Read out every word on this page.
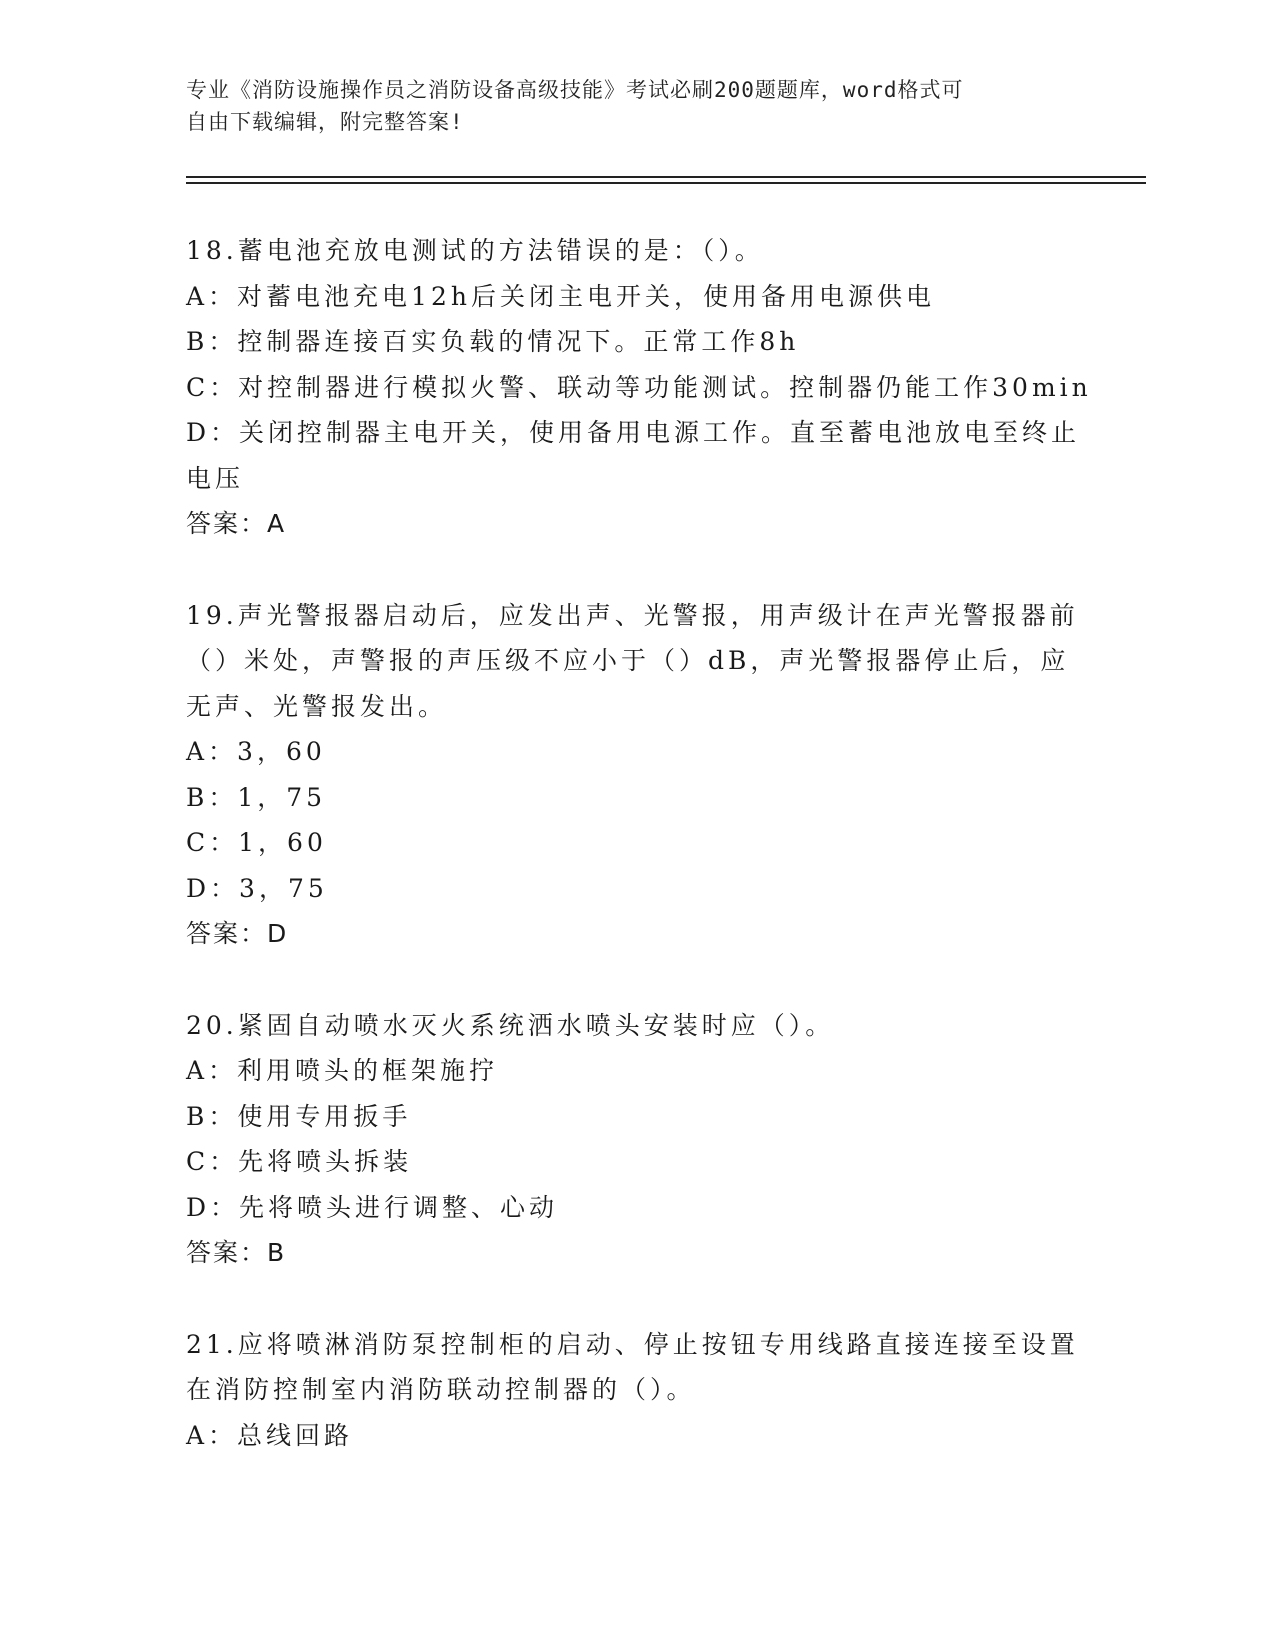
专业《消防设施操作员之消防设备高级技能》考试必刷200题题库，word格式可
自由下载编辑，附完整答案!
18.蓄电池充放电测试的方法错误的是：（）。
A：对蓄电池充电12h后关闭主电开关，使用备用电源供电
B：控制器连接百实负载的情况下。正常工作8h
C：对控制器进行模拟火警、联动等功能测试。控制器仍能工作30min
D：关闭控制器主电开关，使用备用电源工作。直至蓄电池放电至终止
电压
答案：A
19.声光警报器启动后，应发出声、光警报，用声级计在声光警报器前
（）米处，声警报的声压级不应小于（）dB，声光警报器停止后，应
无声、光警报发出。
A：3，60
B：1，75
C：1，60
D：3，75
答案：D
20.紧固自动喷水灭火系统洒水喷头安装时应（）。
A：利用喷头的框架施拧
B：使用专用扳手
C：先将喷头拆装
D：先将喷头进行调整、心动
答案：B
21.应将喷淋消防泵控制柜的启动、停止按钮专用线路直接连接至设置
在消防控制室内消防联动控制器的（）。
A：总线回路
